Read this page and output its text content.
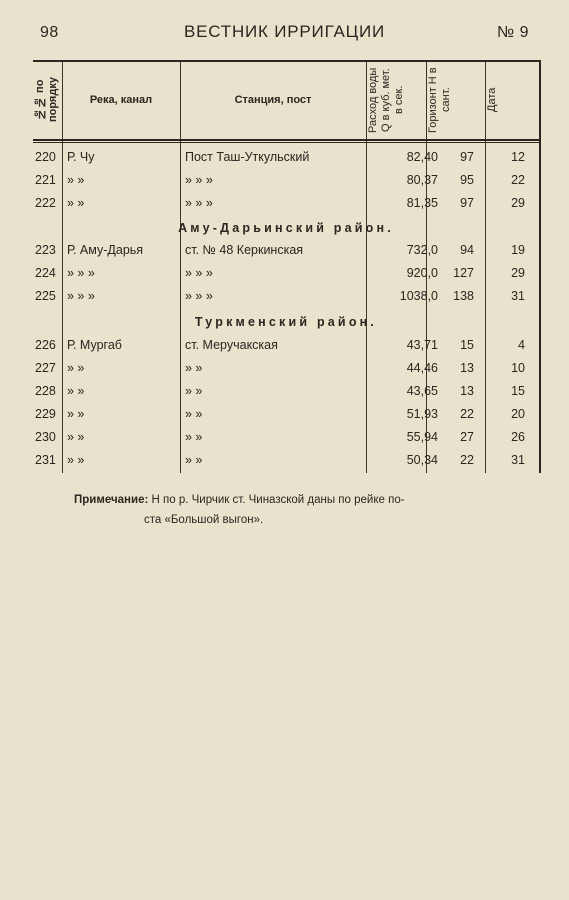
98	ВЕСТНИК ИРРИГАЦИИ	№ 9
№№ по порядку	Река, канал	Станция, пост	Расход воды Q в куб. мет. в сек.	Горизонт H в сант.	Дата
220 Р. Чу	Пост Таш-Уткульский	82,40	97	12
221 » »	» » »	80,37	95	22
222 » »	» » »	81,35	97	29
Аму-Дарьинский район.
223 Р. Аму-Дарья	ст. № 48 Керкинская	732,0	94	19
224 » » »	» » »	920,0	127	29
225 » » »	» » »	1038,0	138	31
Туркменский район.
226 Р. Мургаб	ст. Меручакская	43,71	15	4
227 » »	» »	44,46	13	10
228 » »	» »	43,65	13	15
229 » »	» »	51,93	22	20
230 » »	» »	55,94	27	26
231 » »	» »	50,34	22	31
Примечание: H по р. Чирчик ст. Чиназской даны по рейке по-
ста «Большой выгон».
